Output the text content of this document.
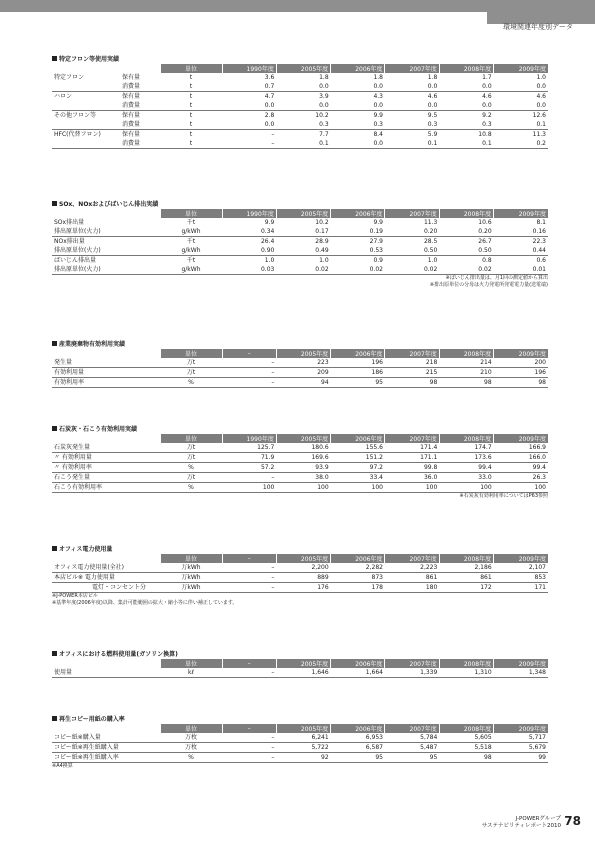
環境関連年度別データ
特定フロン等使用実績
		単位	1990年度	2005年度	2006年度	2007年度	2008年度	2009年度
特定フロン	保有量	t	3.6	1.8	1.8	1.8	1.7	1.0
	消費量	t	0.7	0.0	0.0	0.0	0.0	0.0
ハロン	保有量	t	4.7	3.9	4.3	4.6	4.6	4.6
	消費量	t	0.0	0.0	0.0	0.0	0.0	0.0
その他フロン等	保有量	t	2.8	10.2	9.9	9.5	9.2	12.6
	消費量	t	0.0	0.3	0.3	0.3	0.3	0.1
HFC(代替フロン)	保有量	t	–	7.7	8.4	5.9	10.8	11.3
	消費量	t	–	0.1	0.0	0.1	0.1	0.2
SOx、NOxおよびばいじん排出実績
	単位	1990年度	2005年度	2006年度	2007年度	2008年度	2009年度
SOx排出量	千t	9.9	10.2	9.9	11.3	10.6	8.1
排出原単位(火力)	g/kWh	0.34	0.17	0.19	0.20	0.20	0.16
NOx排出量	千t	26.4	28.9	27.9	28.5	26.7	22.3
排出原単位(火力)	g/kWh	0.90	0.49	0.53	0.50	0.50	0.44
ばいじん排出量	千t	1.0	1.0	0.9	1.0	0.8	0.6
排出原単位(火力)	g/kWh	0.03	0.02	0.02	0.02	0.02	0.01
※ばいじん排出量は、月1回の測定値から算出
※排出原単位の分母は火力発電所発電電力量(送電端)
産業廃棄物有効利用実績
	単位	–	2005年度	2006年度	2007年度	2008年度	2009年度
発生量	万t	–	223	196	218	214	200
有効利用量	万t	–	209	186	215	210	196
有効利用率	%	–	94	95	98	98	98
石炭灰・石こう有効利用実績
	単位	1990年度	2005年度	2006年度	2007年度	2008年度	2009年度
石炭灰発生量	万t	125.7	180.6	155.6	171.4	174.7	166.9
〃 有効利用量	万t	71.9	169.6	151.2	171.1	173.6	166.0
〃 有効利用率	%	57.2	93.9	97.2	99.8	99.4	99.4
石こう発生量	万t	–	38.0	33.4	36.0	33.0	26.3
石こう有効利用率	%	100	100	100	100	100	100
※石炭灰有効利用率についてはP63参照
オフィス電力使用量
	単位	–	2005年度	2006年度	2007年度	2008年度	2009年度
オフィス電力使用量(全社)	万kWh	–	2,200	2,282	2,223	2,186	2,107
本店ビル※ 電力使用量	万kWh	–	889	873	861	861	853
電灯・コンセント分	万kWh	–	176	178	180	172	171
※J-POWER本店ビル
※基準年度(2006年度)以降、集計可能範囲の拡大・縮小等に伴い補正しています。
オフィスにおける燃料使用量(ガソリン換算)
	単位	–	2005年度	2006年度	2007年度	2008年度	2009年度
使用量	kℓ	–	1,646	1,664	1,339	1,310	1,348
再生コピー用紙の購入率
	単位	–	2005年度	2006年度	2007年度	2008年度	2009年度
コピー紙※購入量	万枚	–	6,241	6,953	5,784	5,605	5,717
コピー紙※再生紙購入量	万枚	–	5,722	6,587	5,487	5,518	5,679
コピー紙※再生紙購入率	%	–	92	95	95	98	99
※A4換算
J-POWERグループ
サステナビリティレポート2010 78
